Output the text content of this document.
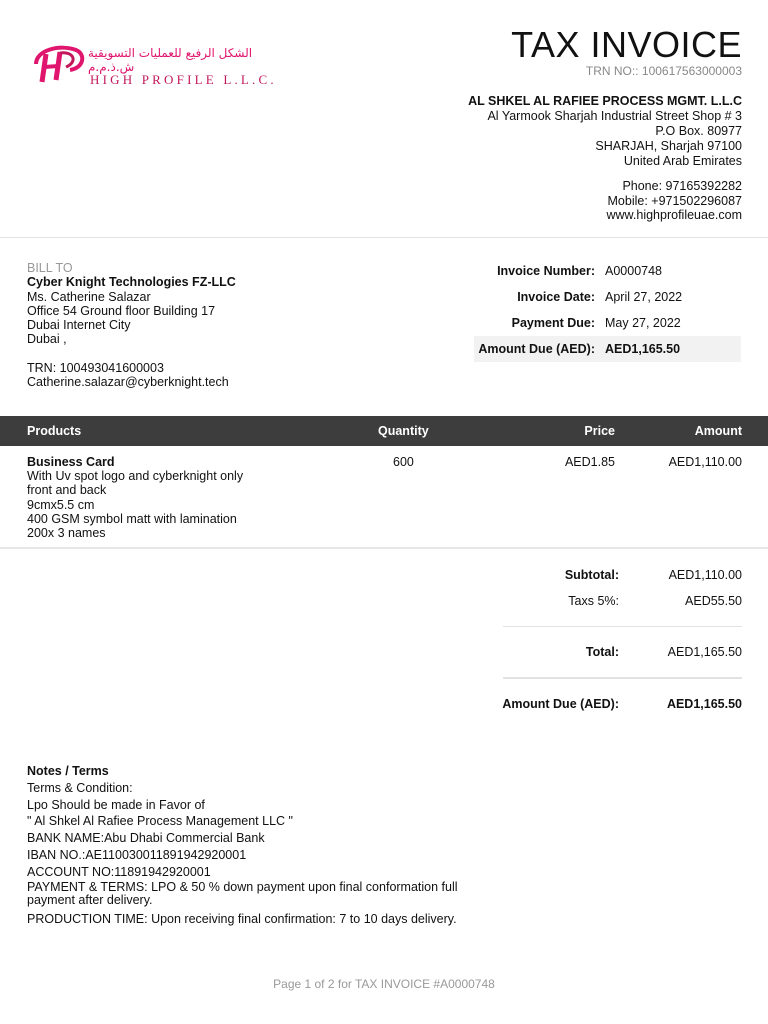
الشكل الرفيع للعمليات التسويقية ش.ذ.م.م
HIGH PROFILE L.L.C.
TAX INVOICE
TRN NO:: 100617563000003
AL SHKEL AL RAFIEE PROCESS MGMT. L.L.C
Al Yarmook Sharjah Industrial Street Shop # 3
P.O Box. 80977
SHARJAH, Sharjah 97100
United Arab Emirates
Phone: 97165392282
Mobile: +971502296087
www.highprofileuae.com
BILL TO
Cyber Knight Technologies FZ-LLC
Ms. Catherine Salazar
Office 54 Ground floor Building 17
Dubai Internet City
Dubai ,
TRN: 100493041600003
Catherine.salazar@cyberknight.tech
Invoice Number: A0000748
Invoice Date: April 27, 2022
Payment Due: May 27, 2022
Amount Due (AED): AED1,165.50
Products	Quantity	Price	Amount
Business Card
With Uv spot logo and cyberknight only
front and back
9cmx5.5 cm
400 GSM symbol matt with lamination
200x 3 names
600	AED1.85	AED1,110.00
Subtotal:	AED1,110.00
Taxs 5%:	AED55.50
Total:	AED1,165.50
Amount Due (AED):	AED1,165.50
Notes / Terms
Terms & Condition:
Lpo Should be made in Favor of
" Al Shkel Al Rafiee Process Management LLC "
BANK NAME:Abu Dhabi Commercial Bank
IBAN NO.:AE110030011891942920001
ACCOUNT NO:11891942920001
PAYMENT & TERMS: LPO & 50 % down payment upon final conformation full
payment after delivery.
PRODUCTION TIME: Upon receiving final confirmation: 7 to 10 days delivery.
Page 1 of 2 for TAX INVOICE #A0000748
